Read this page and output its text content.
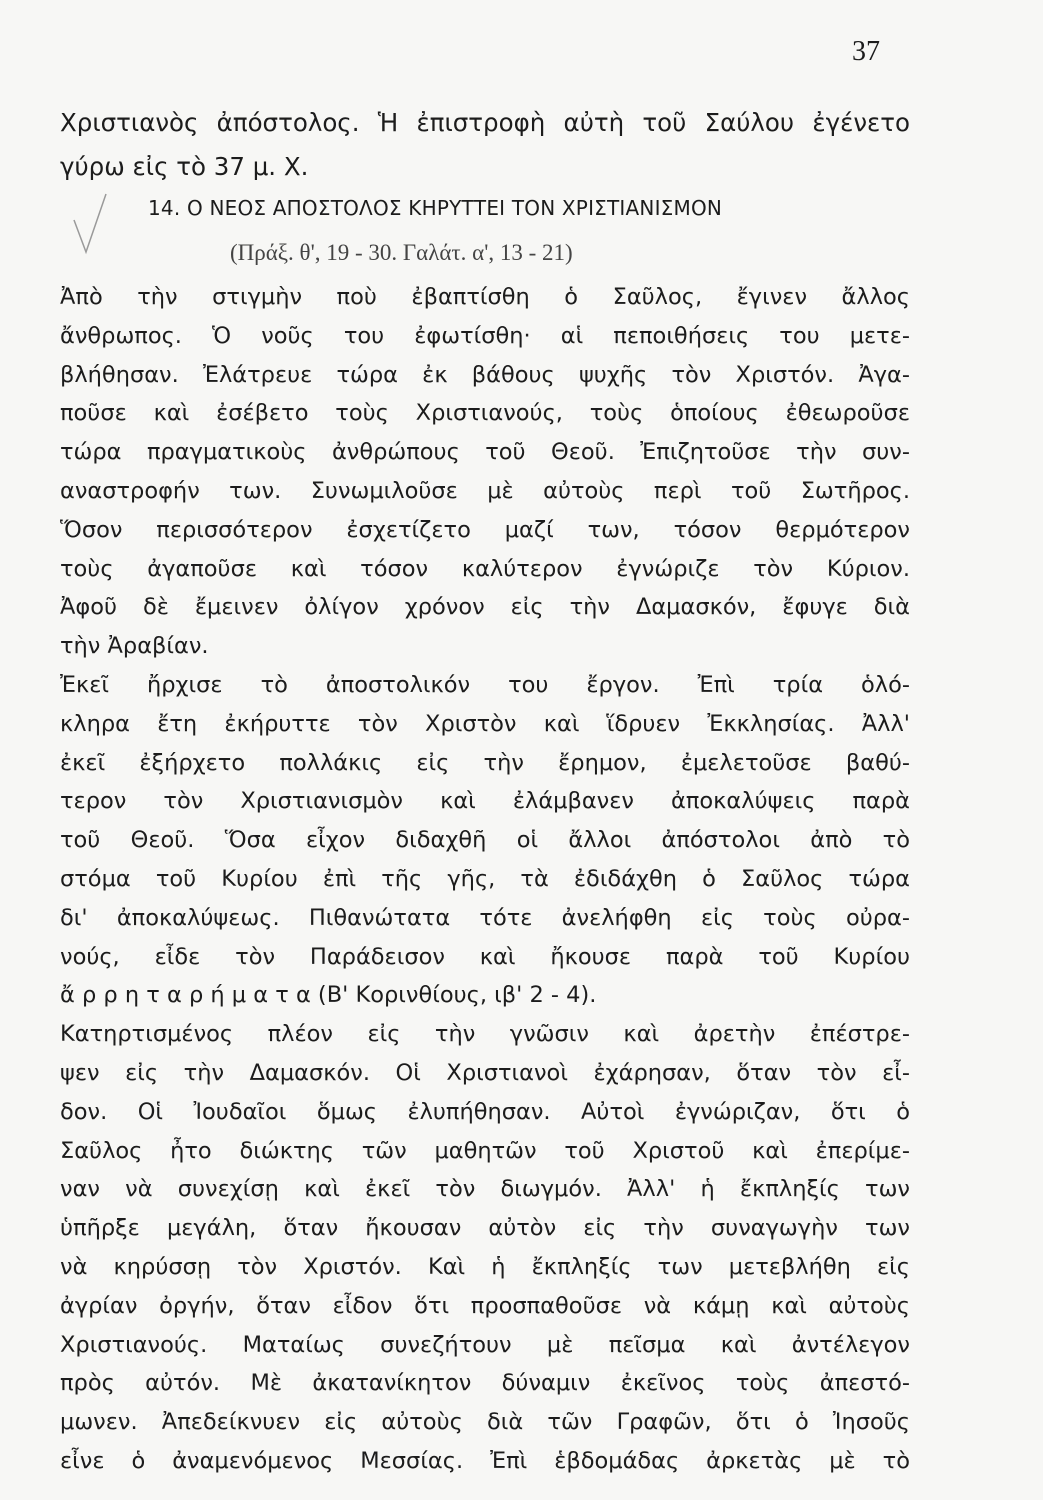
37
Χριστιανὸς ἀπόστολος. Ἡ ἐπιστροφὴ αὐτὴ τοῦ Σαύλου ἐγένετο
γύρω εἰς τὸ 37 μ. Χ.
14. Ο ΝΕΟΣ ΑΠΟΣΤΟΛΟΣ ΚΗΡΥΤΤΕΙ ΤΟΝ ΧΡΙΣΤΙΑΝΙΣΜΟΝ
(Πράξ. θ', 19 - 30. Γαλάτ. α', 13 - 21)
Ἀπὸ τὴν στιγμὴν ποὺ ἐβαπτίσθη ὁ Σαῦλος, ἔγινεν ἄλλος
ἄνθρωπος. Ὁ νοῦς του ἐφωτίσθη· αἱ πεποιθήσεις του μετε-
βλήθησαν. Ἐλάτρευε τώρα ἐκ βάθους ψυχῆς τὸν Χριστόν. Ἀγα-
ποῦσε καὶ ἐσέβετο τοὺς Χριστιανούς, τοὺς ὁποίους ἐθεωροῦσε
τώρα πραγματικοὺς ἀνθρώπους τοῦ Θεοῦ. Ἐπιζητοῦσε τὴν συν-
αναστροφήν των. Συνωμιλοῦσε μὲ αὐτοὺς περὶ τοῦ Σωτῆρος.
Ὅσον περισσότερον ἐσχετίζετο μαζί των, τόσον θερμότερον
τοὺς ἀγαποῦσε καὶ τόσον καλύτερον ἐγνώριζε τὸν Κύριον.
Ἀφοῦ δὲ ἔμεινεν ὀλίγον χρόνον εἰς τὴν Δαμασκόν, ἔφυγε διὰ
τὴν Ἀραβίαν.
Ἐκεῖ ἤρχισε τὸ ἀποστολικόν του ἔργον. Ἐπὶ τρία ὁλό-
κληρα ἔτη ἐκήρυττε τὸν Χριστὸν καὶ ἵδρυεν Ἐκκλησίας. Ἀλλ'
ἐκεῖ ἐξήρχετο πολλάκις εἰς τὴν ἔρημον, ἐμελετοῦσε βαθύ-
τερον τὸν Χριστιανισμὸν καὶ ἐλάμβανεν ἀποκαλύψεις παρὰ
τοῦ Θεοῦ. Ὅσα εἶχον διδαχθῆ οἱ ἄλλοι ἀπόστολοι ἀπὸ τὸ
στόμα τοῦ Κυρίου ἐπὶ τῆς γῆς, τὰ ἐδιδάχθη ὁ Σαῦλος τώρα
δι' ἀποκαλύψεως. Πιθανώτατα τότε ἀνελήφθη εἰς τοὺς οὐρα-
νούς, εἶδε τὸν Παράδεισον καὶ ἤκουσε παρὰ τοῦ Κυρίου
ἄ ρ ρ η τ α ρ ή μ α τ α (Β' Κορινθίους, ιβ' 2 - 4).
Κατηρτισμένος πλέον εἰς τὴν γνῶσιν καὶ ἀρετὴν ἐπέστρε-
ψεν εἰς τὴν Δαμασκόν. Οἱ Χριστιανοὶ ἐχάρησαν, ὅταν τὸν εἶ-
δον. Οἱ Ἰουδαῖοι ὅμως ἐλυπήθησαν. Αὐτοὶ ἐγνώριζαν, ὅτι ὁ
Σαῦλος ἦτο διώκτης τῶν μαθητῶν τοῦ Χριστοῦ καὶ ἐπερίμε-
ναν νὰ συνεχίσῃ καὶ ἐκεῖ τὸν διωγμόν. Ἀλλ' ἡ ἔκπληξίς των
ὑπῆρξε μεγάλη, ὅταν ἤκουσαν αὐτὸν εἰς τὴν συναγωγὴν των
νὰ κηρύσσῃ τὸν Χριστόν. Καὶ ἡ ἔκπληξίς των μετεβλήθη εἰς
ἀγρίαν ὀργήν, ὅταν εἶδον ὅτι προσπαθοῦσε νὰ κάμῃ καὶ αὐτοὺς
Χριστιανούς. Ματαίως συνεζήτουν μὲ πεῖσμα καὶ ἀντέλεγον
πρὸς αὐτόν. Μὲ ἀκατανίκητον δύναμιν ἐκεῖνος τοὺς ἀπεστό-
μωνεν. Ἀπεδείκνυεν εἰς αὐτοὺς διὰ τῶν Γραφῶν, ὅτι ὁ Ἰησοῦς
εἶνε ὁ ἀναμενόμενος Μεσσίας. Ἐπὶ ἑβδομάδας ἀρκετὰς μὲ τὸ
